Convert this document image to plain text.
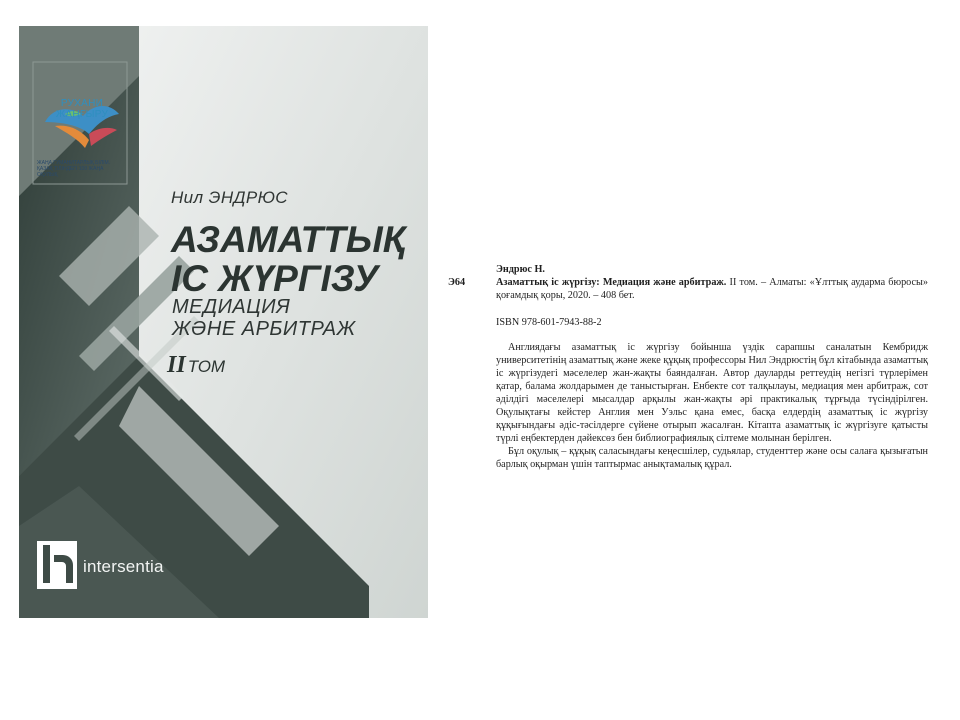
РУХАНИ
ЖАҢҒЫРУ
ЖАҢА ГУМАНИТАРЛЫҚ БІЛІМ. ҚАЗАҚ ТІЛІНДЕГІ 100 ЖАҢА ОҚУЛЫҚ
Нил ЭНДРЮС
АЗАМАТТЫҚ
ІС ЖҮРГІЗУ
МЕДИАЦИЯ
ЖӘНЕ АРБИТРАЖ
II ТОМ
intersentia
Э64
Эндрюс Н.
Азаматтық іс жүргізу: Медиация және арбитраж. II том. – Алматы: «Ұлттық аударма бюросы» қоғамдық қоры, 2020. – 408 бет.
ISBN 978-601-7943-88-2

Англиядағы азаматтық іс жүргізу бойынша үздік сарапшы саналатын Кембридж университетінің азаматтық және жеке құқық профессоры Нил Эндрюстің бұл кітабында азаматтық іс жүргізудегі мәселелер жан-жақты баяндалған. Автор дауларды реттеудің негізгі түрлерімен қатар, балама жолдарымен де таныстырған. Енбекте сот талқылауы, медиация мен арбитраж, сот әділдігі мәселелері мысалдар арқылы жан-жақты әрі практикалық тұрғыда түсіндірілген. Оқулықтағы кейстер Англия мен Уэльс қана емес, басқа елдердің азаматтық іс жүргізу құқығындағы әдіс-тәсілдерге сүйене отырып жасалған. Кітапта азаматтық іс жүргізуге қатысты түрлі еңбектерден дәйексөз бен библиографиялық сілтеме молынан берілген.

Бұл оқулық – құқық саласындағы кеңесшілер, судьялар, студенттер және осы салаға қызығатын барлық оқырман үшін таптырмас анықтамалық құрал.
